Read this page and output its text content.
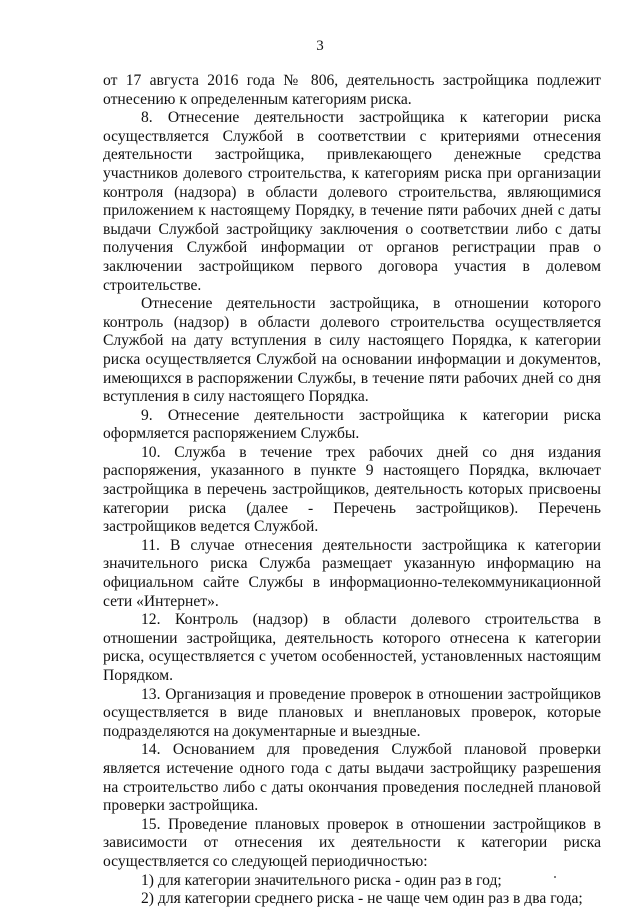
3

от 17 августа 2016 года № 806, деятельность застройщика подлежит отнесению к определенным категориям риска.

8. Отнесение деятельности застройщика к категории риска осуществляется Службой в соответствии с критериями отнесения деятельности застройщика, привлекающего денежные средства участников долевого строительства, к категориям риска при организации контроля (надзора) в области долевого строительства, являющимися приложением к настоящему Порядку, в течение пяти рабочих дней с даты выдачи Службой застройщику заключения о соответствии либо с даты получения Службой информации от органов регистрации прав о заключении застройщиком первого договора участия в долевом строительстве.

Отнесение деятельности застройщика, в отношении которого контроль (надзор) в области долевого строительства осуществляется Службой на дату вступления в силу настоящего Порядка, к категории риска осуществляется Службой на основании информации и документов, имеющихся в распоряжении Службы, в течение пяти рабочих дней со дня вступления в силу настоящего Порядка.

9. Отнесение деятельности застройщика к категории риска оформляется распоряжением Службы.

10. Служба в течение трех рабочих дней со дня издания распоряжения, указанного в пункте 9 настоящего Порядка, включает застройщика в перечень застройщиков, деятельность которых присвоены категории риска (далее - Перечень застройщиков). Перечень застройщиков ведется Службой.

11. В случае отнесения деятельности застройщика к категории значительного риска Служба размещает указанную информацию на официальном сайте Службы в информационно-телекоммуникационной сети «Интернет».

12. Контроль (надзор) в области долевого строительства в отношении застройщика, деятельность которого отнесена к категории риска, осуществляется с учетом особенностей, установленных настоящим Порядком.

13. Организация и проведение проверок в отношении застройщиков осуществляется в виде плановых и внеплановых проверок, которые подразделяются на документарные и выездные.

14. Основанием для проведения Службой плановой проверки является истечение одного года с даты выдачи застройщику разрешения на строительство либо с даты окончания проведения последней плановой проверки застройщика.

15. Проведение плановых проверок в отношении застройщиков в зависимости от отнесения их деятельности к категории риска осуществляется со следующей периодичностью:

1) для категории значительного риска - один раз в год;

2) для категории среднего риска - не чаще чем один раз в два года;
